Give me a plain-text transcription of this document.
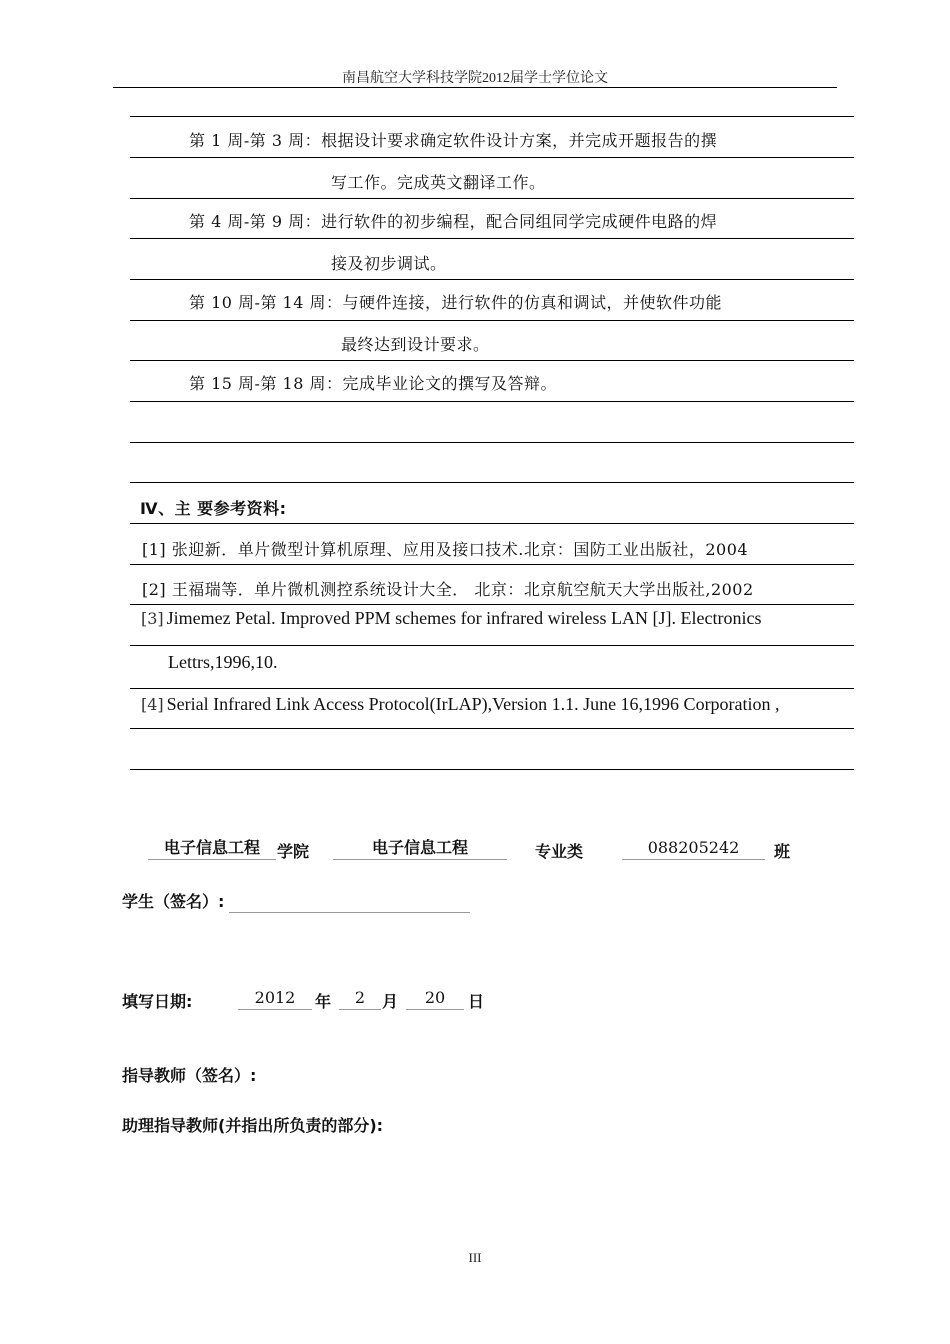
南昌航空大学科技学院2012届学士学位论文
第 1 周-第 3 周：根据设计要求确定软件设计方案，并完成开题报告的撰
写工作。完成英文翻译工作。
第 4 周-第 9 周：进行软件的初步编程，配合同组同学完成硬件电路的焊
接及初步调试。
第 10 周-第 14 周：与硬件连接，进行软件的仿真和调试，并使软件功能
最终达到设计要求。
第 15 周-第 18 周：完成毕业论文的撰写及答辩。
Ⅳ、主 要参考资料:
[1] 张迎新．单片微型计算机原理、应用及接口技术.北京：国防工业出版社，2004
[2] 王福瑞等．单片微机测控系统设计大全． 北京：北京航空航天大学出版社,2002
[3] Jimemez Petal. Improved PPM schemes for infrared wireless LAN [J]. Electronics
Lettrs,1996,10.
[4] Serial Infrared Link Access Protocol(IrLAP),Version 1.1. June 16,1996 Corporation ,
电子信息工程	学院	电子信息工程	专业类	088205242	班
学生（签名）:
填写日期:	2012	年	2	月	20	日
指导教师（签名）:
助理指导教师(并指出所负责的部分):
III
